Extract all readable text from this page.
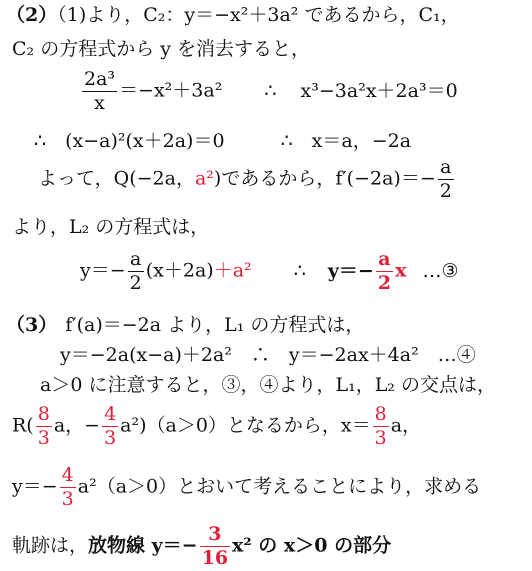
（2）（1)より，C₂：y＝−x²＋3a² であるから，C₁，
C₂ の方程式から y を消去すると，
$\frac{\text{2a³}}{x} =-x^2+3a^2$ ∴ x³−3a²x＋2a³＝0
∴　(x−a)²(x＋2a)＝0	∴　x＝a，−2a
よって，Q(−2a，a²)であるから，$f'(-2a)=- \frac{a}{2}$
より，L₂ の方程式は，
$y=- \frac{a}{2} (x+2a)+a^2$ ∴ $y=- \frac{a}{2}$ x …③
（3） f′(a)＝−2a より，L₁ の方程式は，
y＝−2a(x−a)＋2a²　∴　y＝−2ax＋4a²　…④
a＞0 に注意すると，③，④より，L₁，L₂ の交点は，
$R( \frac{8}{3}$ a，− $\frac{4}{3} a^2)(a>0)$となるから，$x= \frac{8}{3}$ a，
$y=- \frac{4}{3} a^2(a>0)$とおいて考えることにより，求める
軌跡は，放物線 $y=- \frac{3}{16} x^2$ の x＞0 の部分
